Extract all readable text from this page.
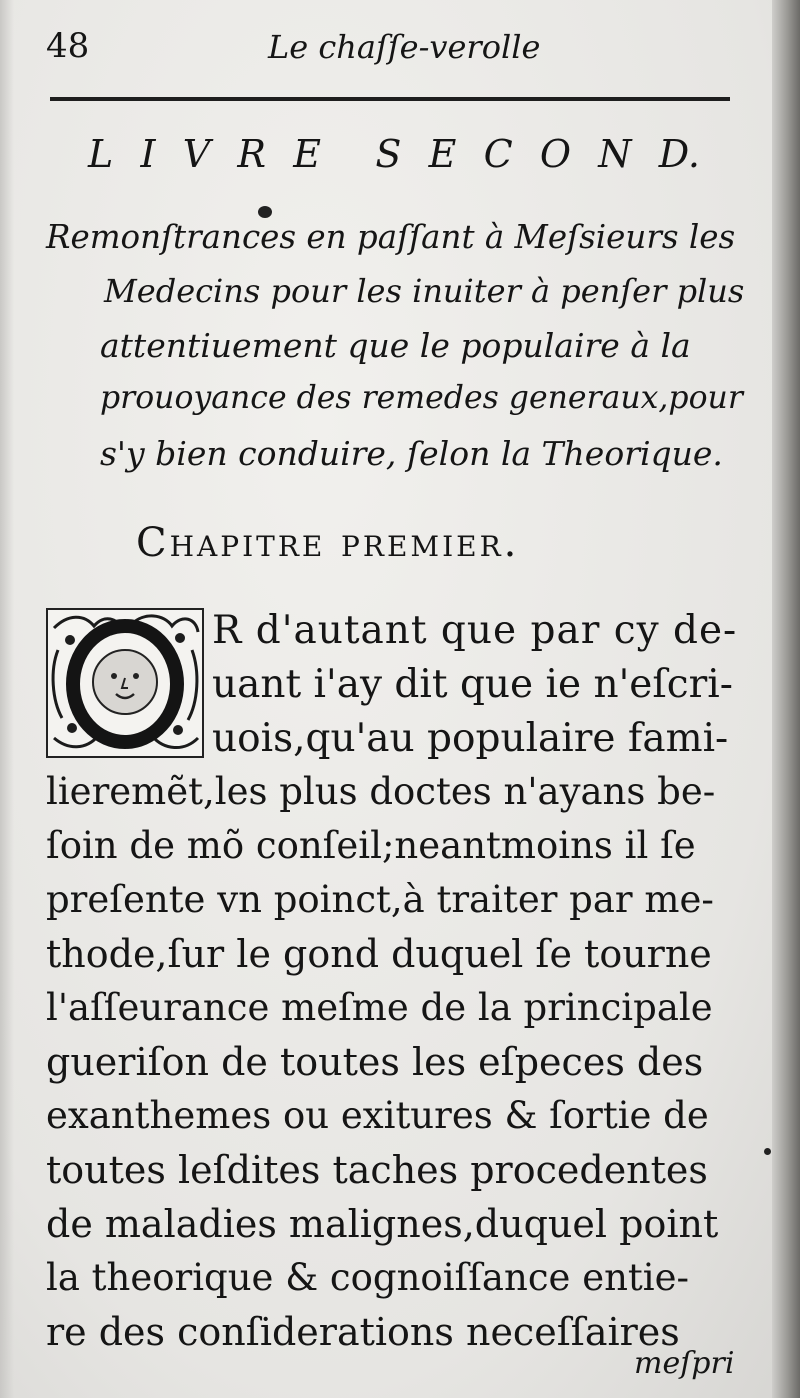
48	Le chaſſe-verolle
L I V R E S E C O N D.
Remonſtrances en paſſant à Meſsieurs les
Medecins pour les inuiter à penſer plus
attentiuement que le populaire à la
prouoyance des remedes generaux,pour
s'y bien conduire, ſelon la Theorique.
Chapitre premier.
O
R d'autant que par cy de-
uant i'ay dit que ie n'eſcri-
uois,qu'au populaire fami-
lieremẽt,les plus doctes n'ayans be-
ſoin de mõ conſeil;neantmoins il ſe
preſente vn poinct,à traiter par me-
thode,ſur le gond duquel ſe tourne
l'aſſeurance meſme de la principale
gueriſon de toutes les eſpeces des
exanthemes ou exitures & ſortie de
toutes leſdites taches procedentes
de maladies malignes,duquel point
la theorique & cognoiſſance entie-
re des conſiderations neceſſaires
meſpri
